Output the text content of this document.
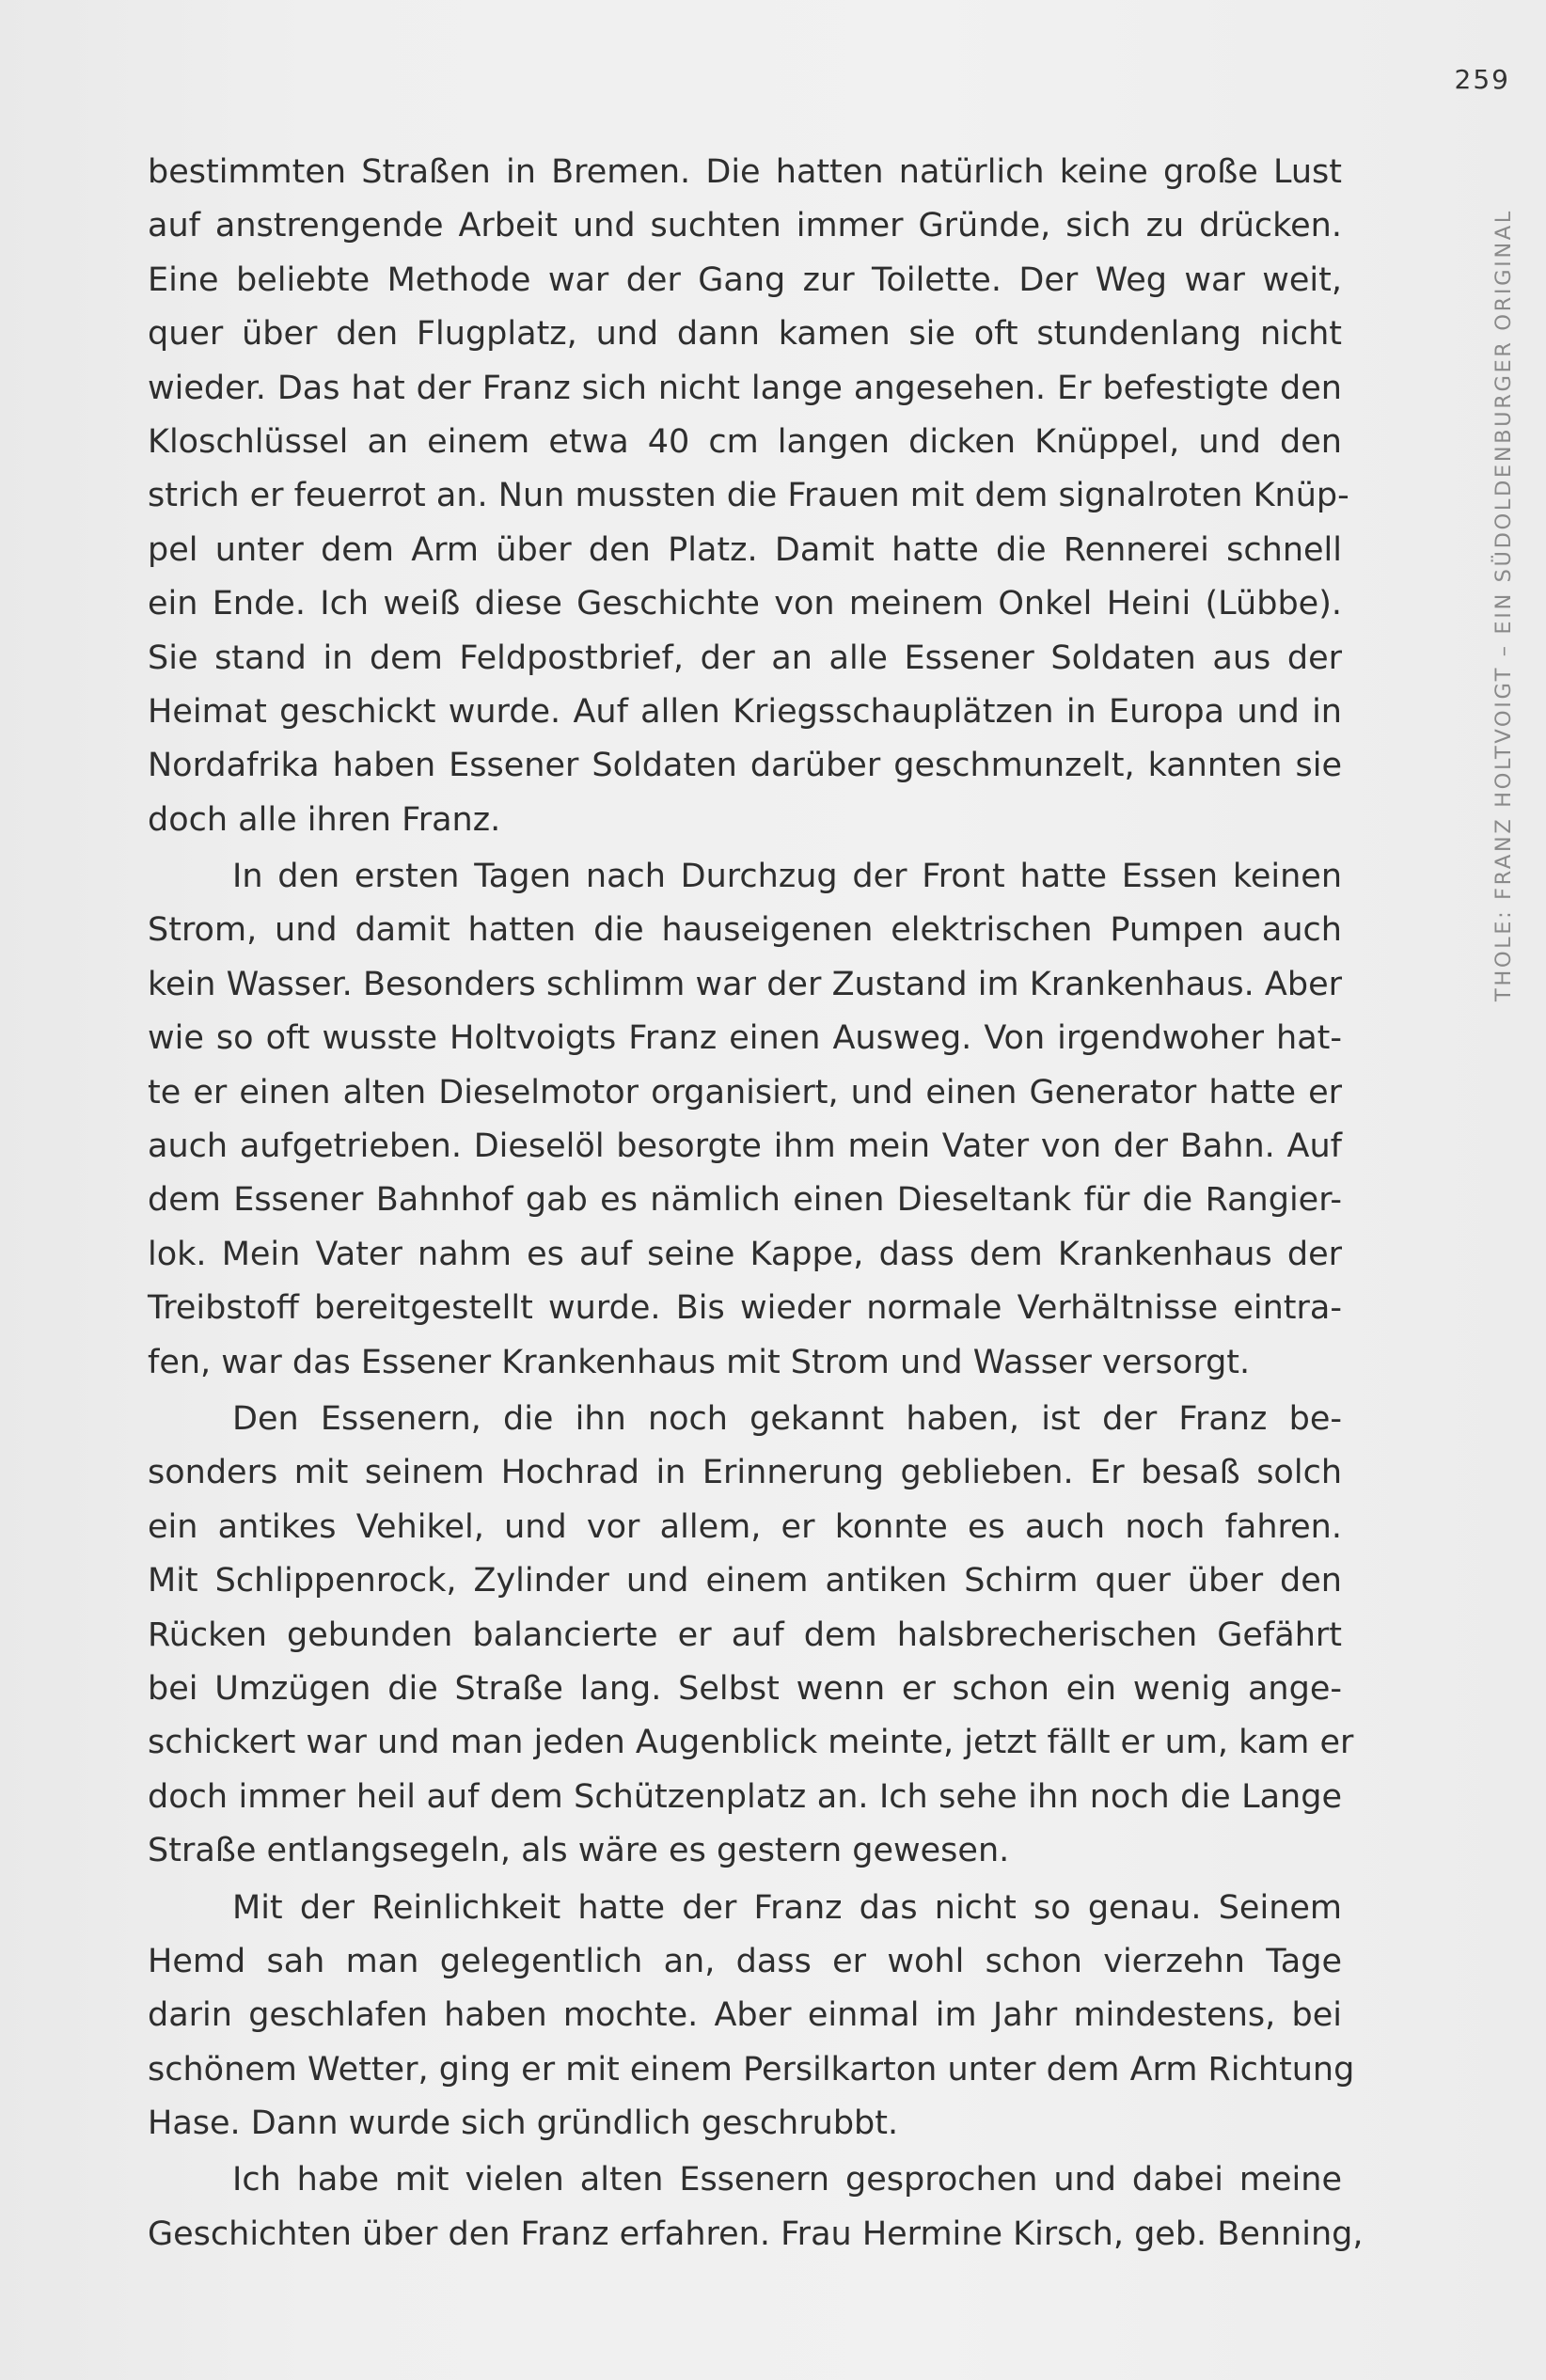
259
THOLE: FRANZ HOLTVOIGT – EIN SÜDOLDENBURGER ORIGINAL
bestimmten Straßen in Bremen. Die hatten natürlich keine große Lust
auf anstrengende Arbeit und suchten immer Gründe, sich zu drücken.
Eine beliebte Methode war der Gang zur Toilette. Der Weg war weit,
quer über den Flugplatz, und dann kamen sie oft stundenlang nicht
wieder. Das hat der Franz sich nicht lange angesehen. Er befestigte den
Kloschlüssel an einem etwa 40 cm langen dicken Knüppel, und den
strich er feuerrot an. Nun mussten die Frauen mit dem signalroten Knüp-
pel unter dem Arm über den Platz. Damit hatte die Rennerei schnell
ein Ende. Ich weiß diese Geschichte von meinem Onkel Heini (Lübbe).
Sie stand in dem Feldpostbrief, der an alle Essener Soldaten aus der
Heimat geschickt wurde. Auf allen Kriegsschauplätzen in Europa und in
Nordafrika haben Essener Soldaten darüber geschmunzelt, kannten sie
doch alle ihren Franz.
In den ersten Tagen nach Durchzug der Front hatte Essen keinen
Strom, und damit hatten die hauseigenen elektrischen Pumpen auch
kein Wasser. Besonders schlimm war der Zustand im Krankenhaus. Aber
wie so oft wusste Holtvoigts Franz einen Ausweg. Von irgendwoher hat-
te er einen alten Dieselmotor organisiert, und einen Generator hatte er
auch aufgetrieben. Dieselöl besorgte ihm mein Vater von der Bahn. Auf
dem Essener Bahnhof gab es nämlich einen Dieseltank für die Rangier-
lok. Mein Vater nahm es auf seine Kappe, dass dem Krankenhaus der
Treibstoff bereitgestellt wurde. Bis wieder normale Verhältnisse eintra-
fen, war das Essener Krankenhaus mit Strom und Wasser versorgt.
Den Essenern, die ihn noch gekannt haben, ist der Franz be-
sonders mit seinem Hochrad in Erinnerung geblieben. Er besaß solch
ein antikes Vehikel, und vor allem, er konnte es auch noch fahren.
Mit Schlippenrock, Zylinder und einem antiken Schirm quer über den
Rücken gebunden balancierte er auf dem halsbrecherischen Gefährt
bei Umzügen die Straße lang. Selbst wenn er schon ein wenig ange-
schickert war und man jeden Augenblick meinte, jetzt fällt er um, kam er
doch immer heil auf dem Schützenplatz an. Ich sehe ihn noch die Lange
Straße entlangsegeln, als wäre es gestern gewesen.
Mit der Reinlichkeit hatte der Franz das nicht so genau. Seinem
Hemd sah man gelegentlich an, dass er wohl schon vierzehn Tage
darin geschlafen haben mochte. Aber einmal im Jahr mindestens, bei
schönem Wetter, ging er mit einem Persilkarton unter dem Arm Richtung
Hase. Dann wurde sich gründlich geschrubbt.
Ich habe mit vielen alten Essenern gesprochen und dabei meine
Geschichten über den Franz erfahren. Frau Hermine Kirsch, geb. Benning,
